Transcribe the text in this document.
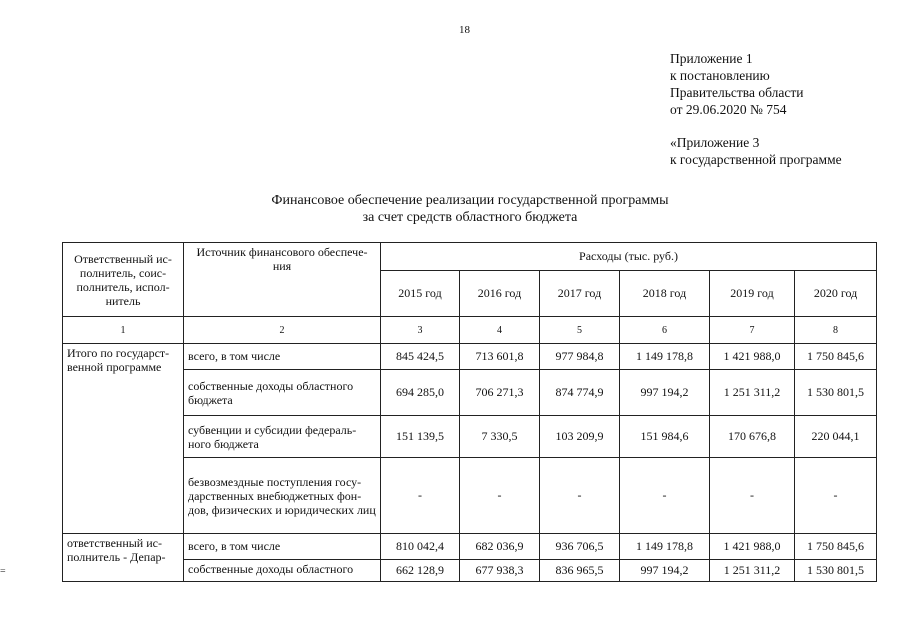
18
Приложение 1
к постановлению
Правительства области
от 29.06.2020 № 754
«Приложение 3
к государственной программе
Финансовое обеспечение реализации государственной программы
за счет средств областного бюджета
=
Ответственный ис-полнитель, соис-полнитель, испол-нитель	Источник финансового обеспече-ния	Расходы (тыс. руб.)					
		2015 год	2016 год	2017 год	2018 год	2019 год	2020 год
1	2	3	4	5	6	7	8
Итого по государст-венной программе	всего, в том числе	845 424,5	713 601,8	977 984,8	1 149 178,8	1 421 988,0	1 750 845,6
	собственные доходы областного бюджета	694 285,0	706 271,3	874 774,9	997 194,2	1 251 311,2	1 530 801,5
	субвенции и субсидии федераль-ного бюджета	151 139,5	7 330,5	103 209,9	151 984,6	170 676,8	220 044,1
	безвозмездные поступления госу-дарственных внебюджетных фон-дов, физических и юридических лиц	-	-	-	-	-	-
ответственный ис-полнитель - Депар-	всего, в том числе	810 042,4	682 036,9	936 706,5	1 149 178,8	1 421 988,0	1 750 845,6
	собственные доходы областного	662 128,9	677 938,3	836 965,5	997 194,2	1 251 311,2	1 530 801,5
